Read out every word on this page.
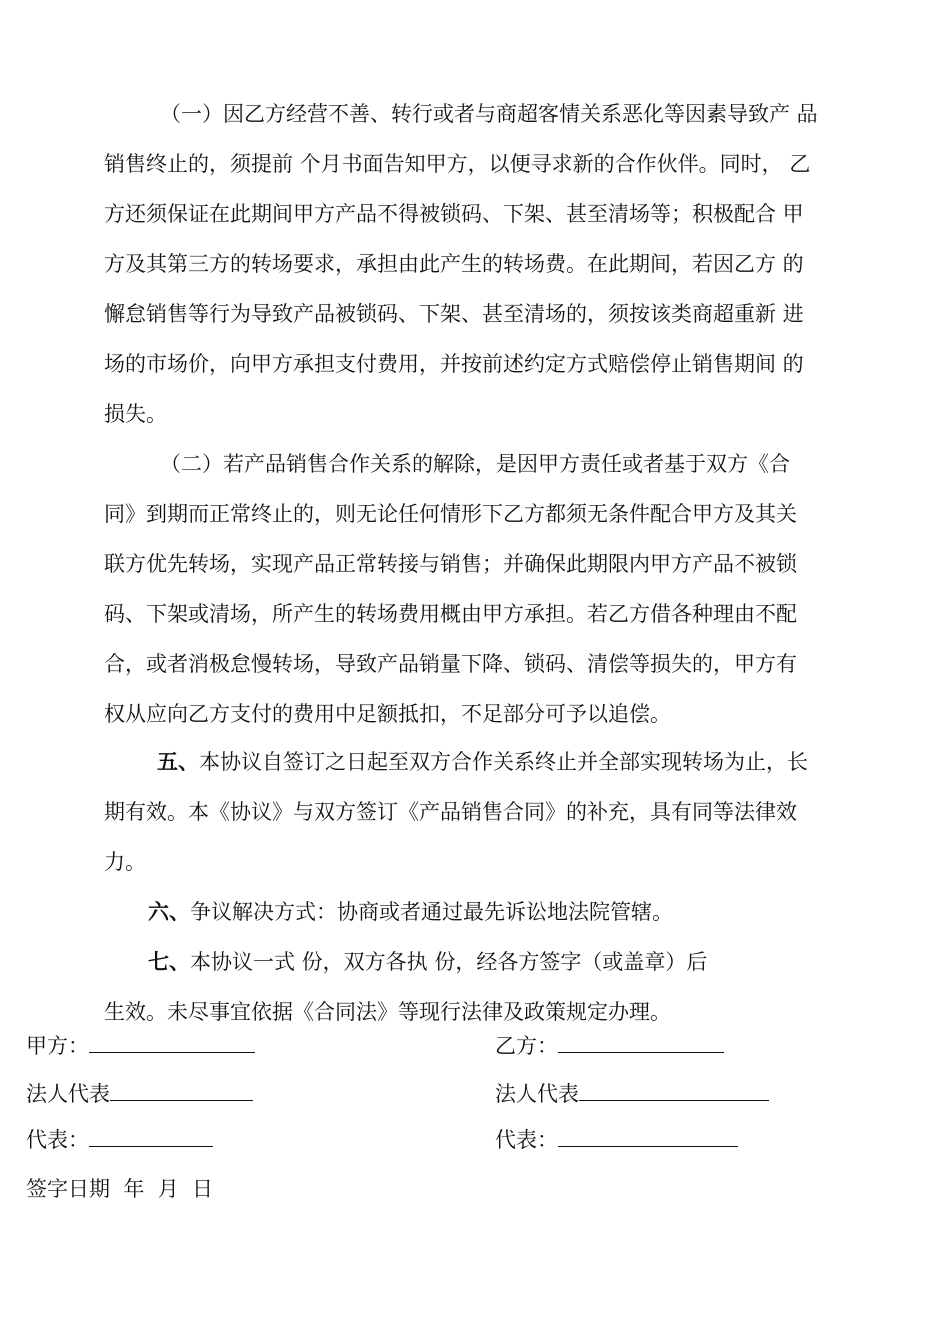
（一）因乙方经营不善、转行或者与商超客情关系恶化等因素导致产 品
销售终止的，须提前 个月书面告知甲方，以便寻求新的合作伙伴。同时， 乙
方还须保证在此期间甲方产品不得被锁码、下架、甚至清场等；积极配合 甲
方及其第三方的转场要求，承担由此产生的转场费。在此期间，若因乙方 的
懈怠销售等行为导致产品被锁码、下架、甚至清场的，须按该类商超重新 进
场的市场价，向甲方承担支付费用，并按前述约定方式赔偿停止销售期间 的
损失。
（二）若产品销售合作关系的解除，是因甲方责任或者基于双方《合
同》到期而正常终止的，则无论任何情形下乙方都须无条件配合甲方及其关
联方优先转场，实现产品正常转接与销售；并确保此期限内甲方产品不被锁
码、下架或清场，所产生的转场费用概由甲方承担。若乙方借各种理由不配
合，或者消极怠慢转场，导致产品销量下降、锁码、清偿等损失的，甲方有
权从应向乙方支付的费用中足额抵扣，不足部分可予以追偿。
五、本协议自签订之日起至双方合作关系终止并全部实现转场为止，长
期有效。本《协议》与双方签订《产品销售合同》的补充，具有同等法律效
力。
六、争议解决方式：协商或者通过最先诉讼地法院管辖。
七、本协议一式 份，双方各执 份，经各方签字（或盖章）后
生效。未尽事宜依据《合同法》等现行法律及政策规定办理。
甲方：	乙方：
法人代表	法人代表
代表：	代表：
签字日期  年  月  日
